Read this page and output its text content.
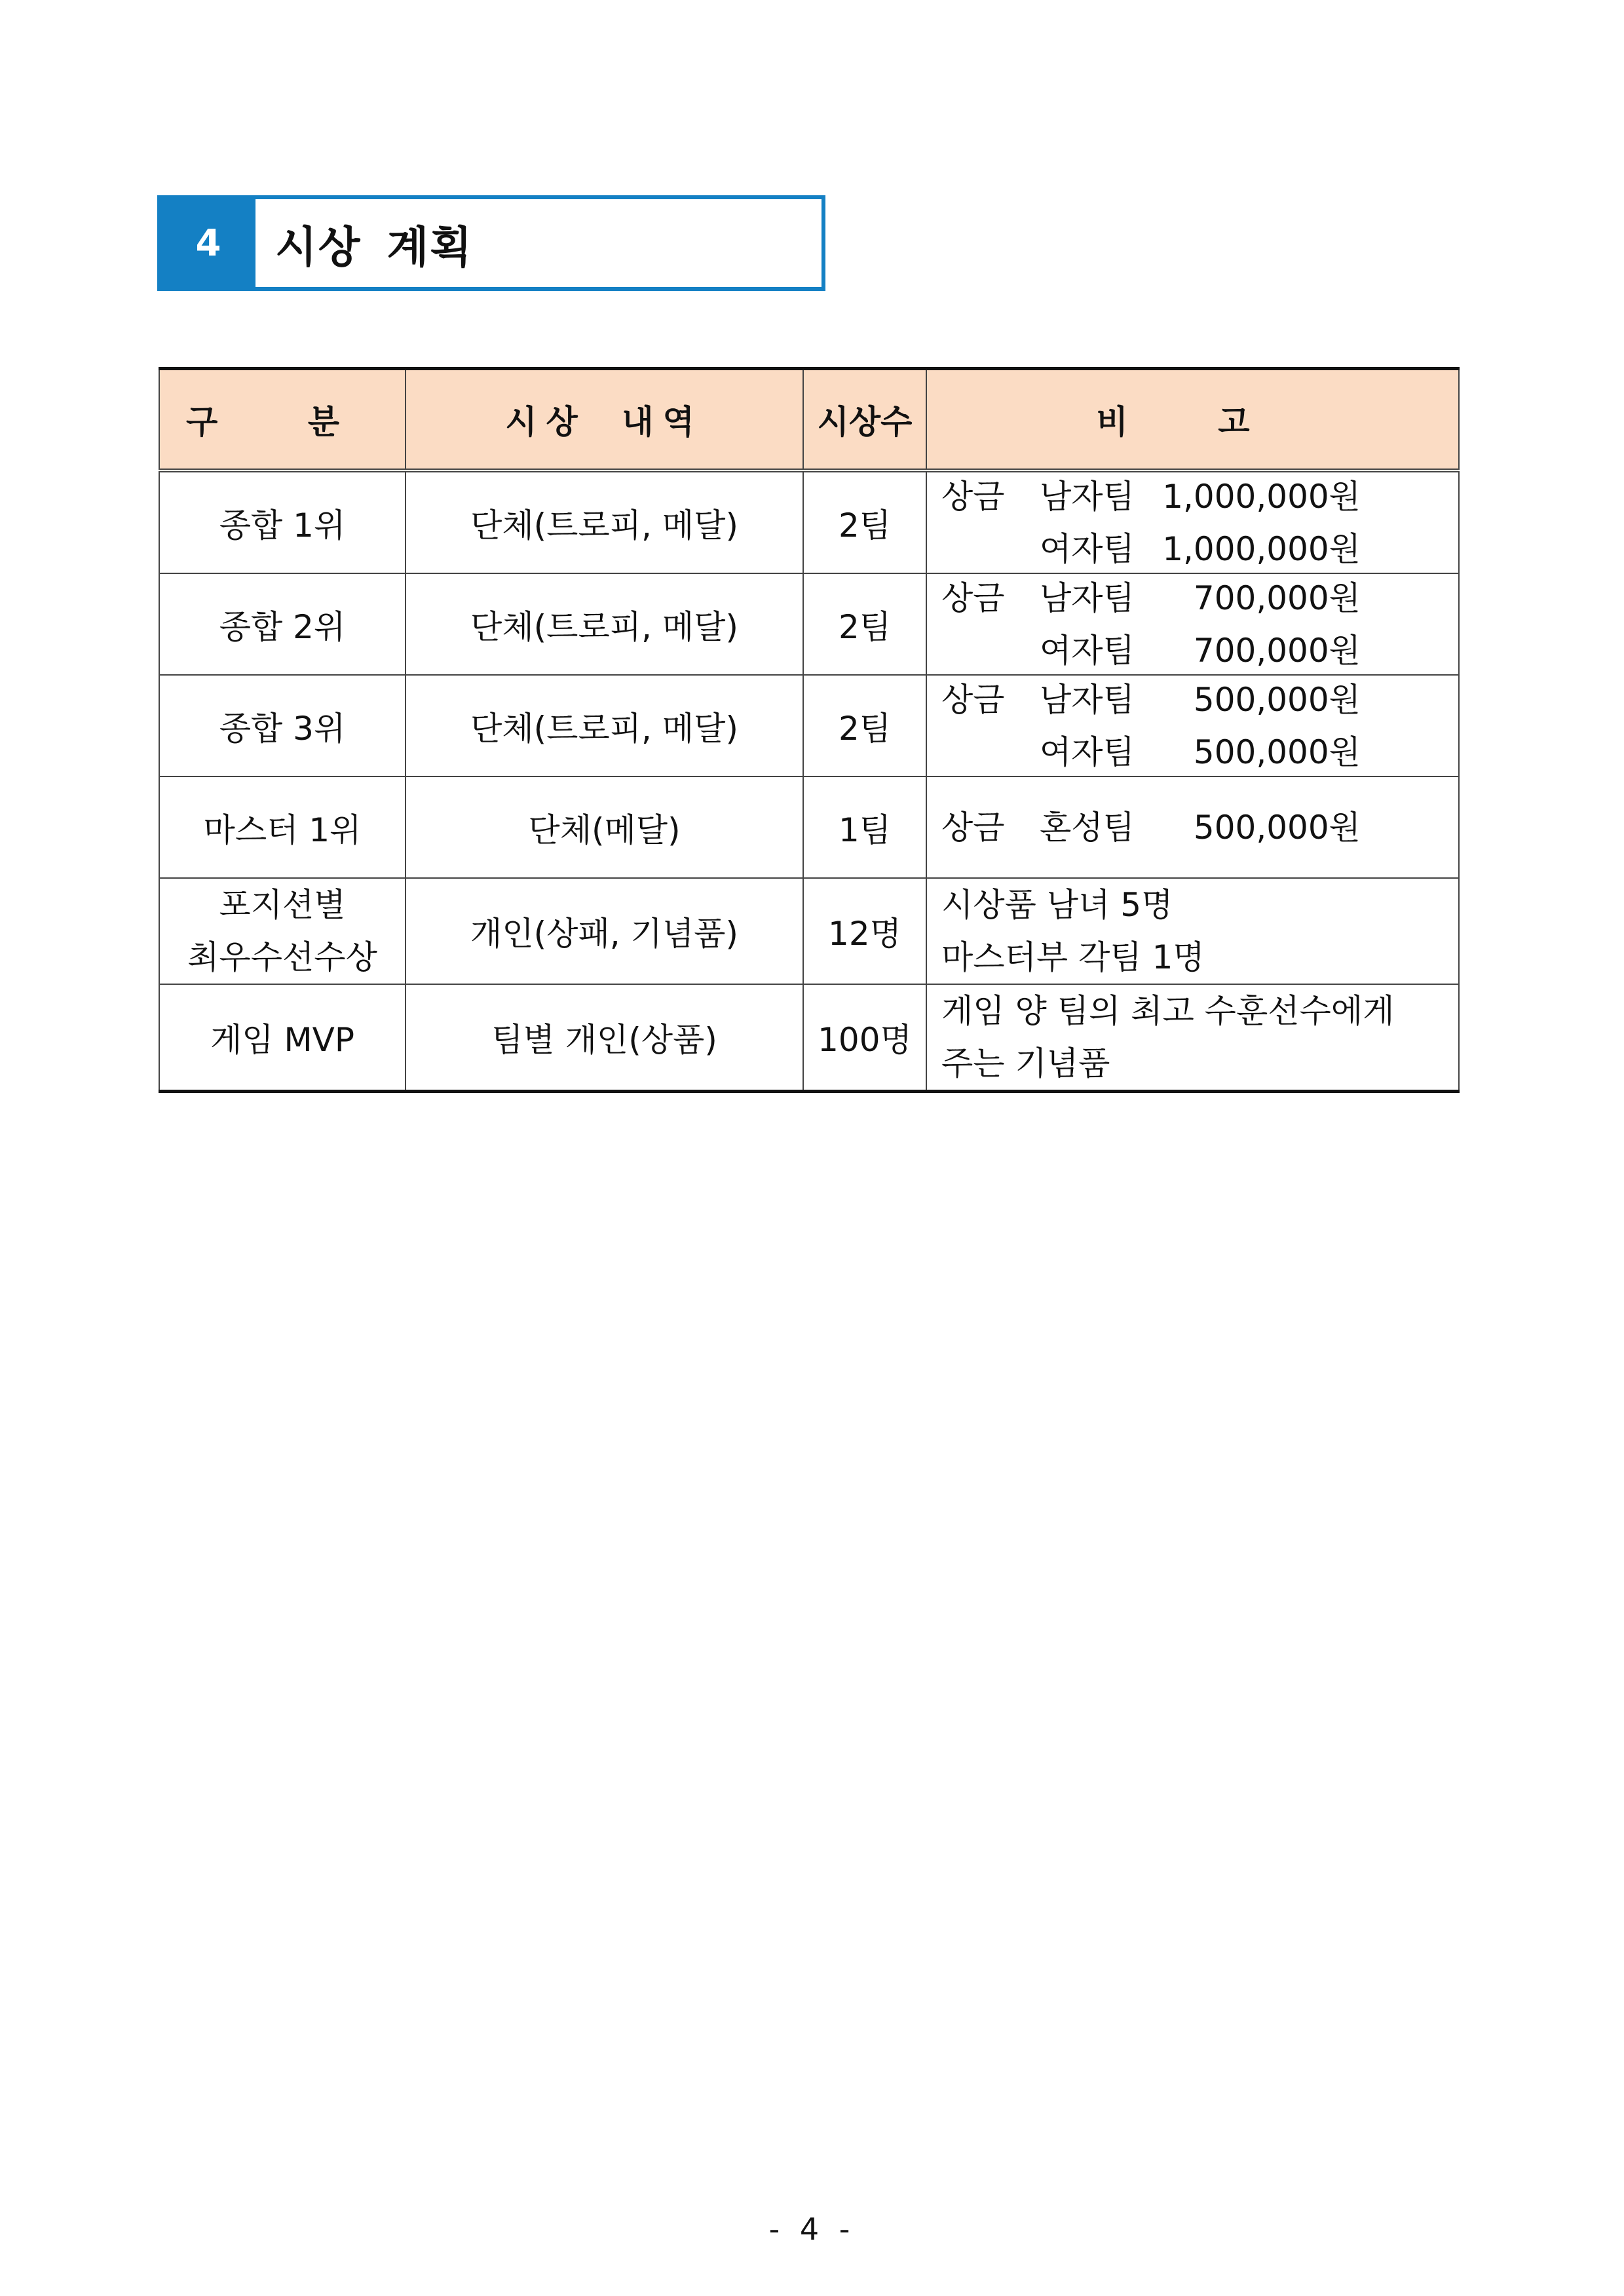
4	시상 계획
구 분	시상 내역	시상수	비 고
종합 1위	단체(트로피, 메달)	2팀	상금 남자팀 1,000,000원
여자팀 1,000,000원

종합 2위	단체(트로피, 메달)	2팀	상금 남자팀 700,000원
여자팀 700,000원

종합 3위	단체(트로피, 메달)	2팀	상금 남자팀 500,000원
여자팀 500,000원

마스터 1위	단체(메달)	1팀	상금 혼성팀 500,000원

포지션별
최우수선수상	개인(상패, 기념품)	12명	시상품 남녀 5명
마스터부 각팀 1명

게임 MVP	팀별 개인(상품)	100명	게임 양 팀의 최고 수훈선수에게
주는 기념품
- 4 -
